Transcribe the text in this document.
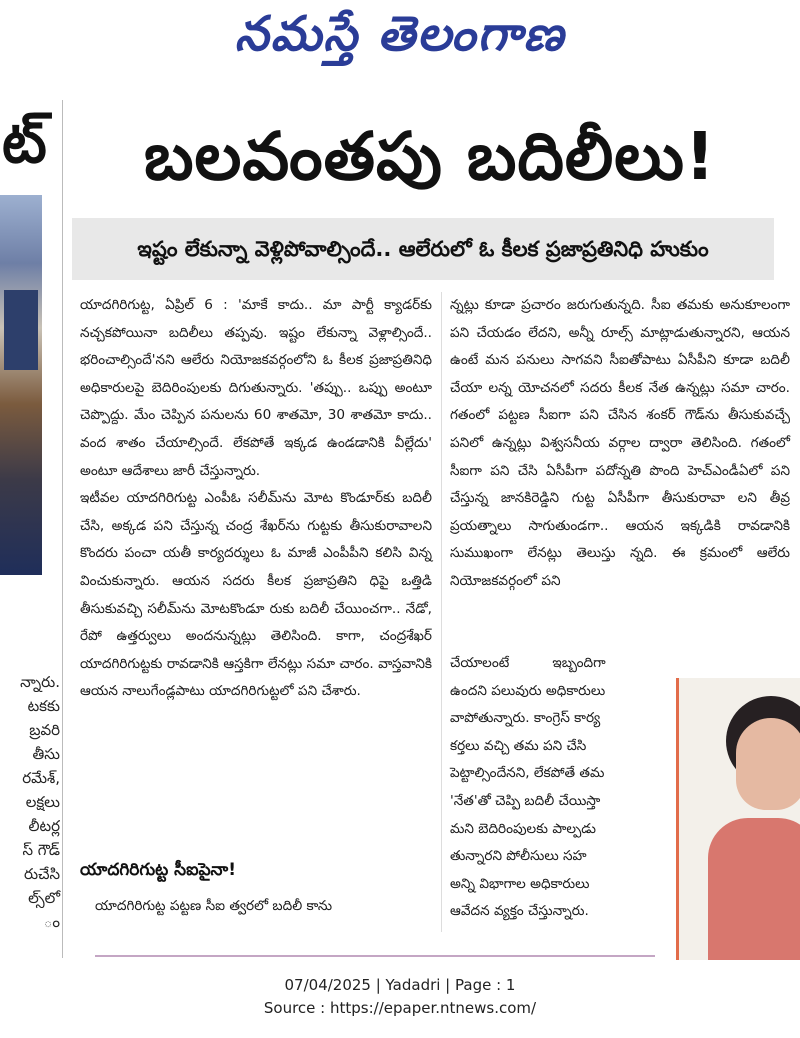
నమస్తే తెలంగాణ
ట్
న్నారు.
టకకు
బ్రవరి
తీసు
రమేశ్,
లక్షలు
లీటర్ల
స్ గౌడ్
రుచేసి
ల్స్‌లో
ం
బలవంతపు బదిలీలు!
ఇష్టం లేకున్నా వెళ్లిపోవాల్సిందే.. ఆలేరులో ఓ కీలక ప్రజాప్రతినిధి హుకుం

యాదగిరిగుట్ట, ఏప్రిల్ 6 : 'మాకే కాదు.. మా పార్టీ క్యాడర్‌కు నచ్చకపోయినా బదిలీలు తప్పవు. ఇష్టం లేకున్నా వెళ్లాల్సిందే.. భరించాల్సిందే'నని ఆలేరు నియోజకవర్గంలోని ఓ కీలక ప్రజాప్రతినిధి అధికారులపై బెదిరింపులకు దిగుతున్నారు. 'తప్పు.. ఒప్పు అంటూ చెప్పొద్దు. మేం చెప్పిన పనులను 60 శాతమో, 30 శాతమో కాదు.. వంద శాతం చేయాల్సిందే. లేకపోతే ఇక్కడ ఉండడానికి వీల్లేదు' అంటూ ఆదేశాలు జారీ చేస్తున్నారు.

ఇటీవల యాదగిరిగుట్ట ఎంపీఓ సలీమ్‌ను మోట కొండూర్‌కు బదిలీ చేసి, అక్కడ పని చేస్తున్న చంద్ర శేఖర్‌ను గుట్టకు తీసుకురావాలని కొందరు పంచా యతీ కార్యదర్శులు ఓ మాజీ ఎంపీపీని కలిసి విన్న వించుకున్నారు. ఆయన సదరు కీలక ప్రజాప్రతిని ధిపై ఒత్తిడి తీసుకువచ్చి సలీమ్‌ను మోటకొండూ రుకు బదిలీ చేయించగా.. నేడో, రేపో ఉత్తర్వులు అందనున్నట్లు తెలిసింది. కాగా, చంద్రశేఖర్ యాదగిరిగుట్టకు రావడానికి ఆస్తకిగా లేనట్లు సమా చారం. వాస్తవానికి ఆయన నాలుగేండ్లపాటు యాదగిరిగుట్టలో పని చేశారు.

యాదగిరిగుట్ట సీఐపైనా!
యాదగిరిగుట్ట పట్టణ సీఐ త్వరలో బదిలీ కాను

న్నట్లు కూడా ప్రచారం జరుగుతున్నది. సీఐ తమకు అనుకూలంగా పని చేయడం లేదని, అన్నీ రూల్స్ మాట్లాడుతున్నారని, ఆయన ఉంటే మన పనులు సాగవని సీఐతోపాటు ఏసీపీని కూడా బదిలీ చేయా లన్న యోచనలో సదరు కీలక నేత ఉన్నట్లు సమా చారం. గతంలో పట్టణ సీఐగా పని చేసిన శంకర్ గౌడ్‌ను తీసుకువచ్చే పనిలో ఉన్నట్లు విశ్వసనీయ వర్గాల ద్వారా తెలిసింది. గతంలో సీఐగా పని చేసి ఏసీపీగా పదోన్నతి పొంది హెచ్‌ఎండీఏలో పని చేస్తున్న జానకిరెడ్డిని గుట్ట ఏసీపీగా తీసుకురావా లని తీవ్ర ప్రయత్నాలు సాగుతుండగా.. ఆయన ఇక్కడికి రావడానికి సుముఖంగా లేనట్లు తెలుస్తు న్నది. ఈ క్రమంలో ఆలేరు నియోజకవర్గంలో పని

చేయాలంటే          ఇబ్బందిగా
ఉందని పలువురు అధికారులు
వాపోతున్నారు. కాంగ్రెస్ కార్య
కర్తలు వచ్చి తమ పని చేసి
పెట్టాల్సిందేనని, లేకపోతే తమ
'నేత'తో చెప్పి బదిలీ చేయిస్తా
మని బెదిరింపులకు పాల్పడు
తున్నారని పోలీసులు సహ
అన్ని విభాగాల అధికారులు
ఆవేదన వ్యక్తం చేస్తున్నారు.
07/04/2025 | Yadadri | Page : 1
Source : https://epaper.ntnews.com/
